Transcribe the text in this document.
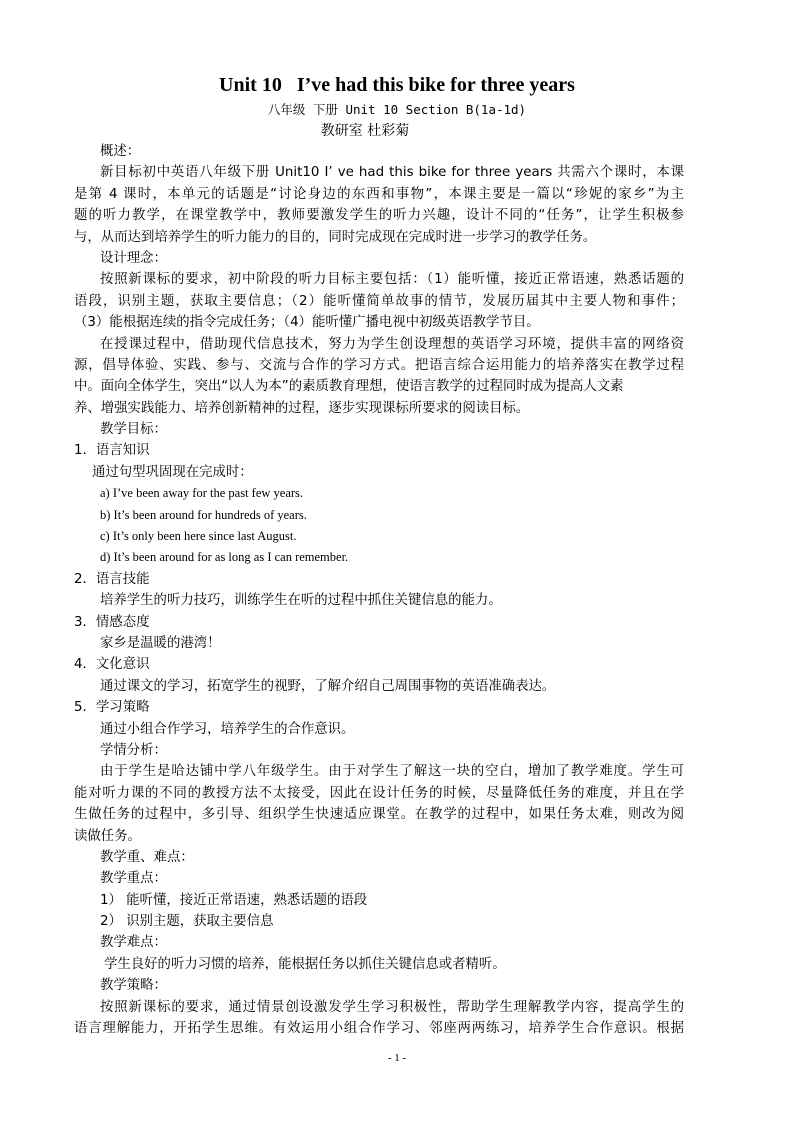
Unit 10   I’ve had this bike for three years
八年级 下册 Unit 10 Section B(1a-1d)
教研室 杜彩菊
概述：
新目标初中英语八年级下册 Unit10 I’ ve had this bike for three years 共需六个课时，本课
是第 4 课时，本单元的话题是“讨论身边的东西和事物”，本课主要是一篇以“珍妮的家乡”为主
题的听力教学，在课堂教学中，教师要激发学生的听力兴趣，设计不同的“任务”，让学生积极参
与，从而达到培养学生的听力能力的目的，同时完成现在完成时进一步学习的教学任务。
设计理念：
按照新课标的要求，初中阶段的听力目标主要包括：（1）能听懂，接近正常语速，熟悉话题的
语段，识别主题，获取主要信息；（2）能听懂简单故事的情节，发展历届其中主要人物和事件；
（3）能根据连续的指令完成任务；（4）能听懂广播电视中初级英语教学节目。
在授课过程中，借助现代信息技术，努力为学生创设理想的英语学习环境，提供丰富的网络资
源，倡导体验、实践、参与、交流与合作的学习方式。把语言综合运用能力的培养落实在教学过程
中。面向全体学生，突出“以人为本”的素质教育理想，使语言教学的过程同时成为提高人文素
养、增强实践能力、培养创新精神的过程，逐步实现课标所要求的阅读目标。
教学目标：
1．语言知识
通过句型巩固现在完成时：
a) I’ve been away for the past few years.
b) It’s been around for hundreds of years.
c) It’s only been here since last August.
d) It’s been around for as long as I can remember.
2．语言技能
培养学生的听力技巧，训练学生在听的过程中抓住关键信息的能力。
3．情感态度
家乡是温暖的港湾！
4．文化意识
通过课文的学习，拓宽学生的视野，了解介绍自己周围事物的英语准确表达。
5．学习策略
通过小组合作学习，培养学生的合作意识。
学情分析：
由于学生是哈达铺中学八年级学生。由于对学生了解这一块的空白，增加了教学难度。学生可
能对听力课的不同的教授方法不太接受，因此在设计任务的时候，尽量降低任务的难度，并且在学
生做任务的过程中，多引导、组织学生快速适应课堂。在教学的过程中，如果任务太难，则改为阅
读做任务。
教学重、难点：
教学重点：
1） 能听懂，接近正常语速，熟悉话题的语段
2） 识别主题，获取主要信息
教学难点：
学生良好的听力习惯的培养，能根据任务以抓住关键信息或者精听。
教学策略：
按照新课标的要求，通过情景创设激发学生学习积极性，帮助学生理解教学内容，提高学生的
语言理解能力，开拓学生思维。有效运用小组合作学习、邻座两两练习，培养学生合作意识。根据
- 1 -
